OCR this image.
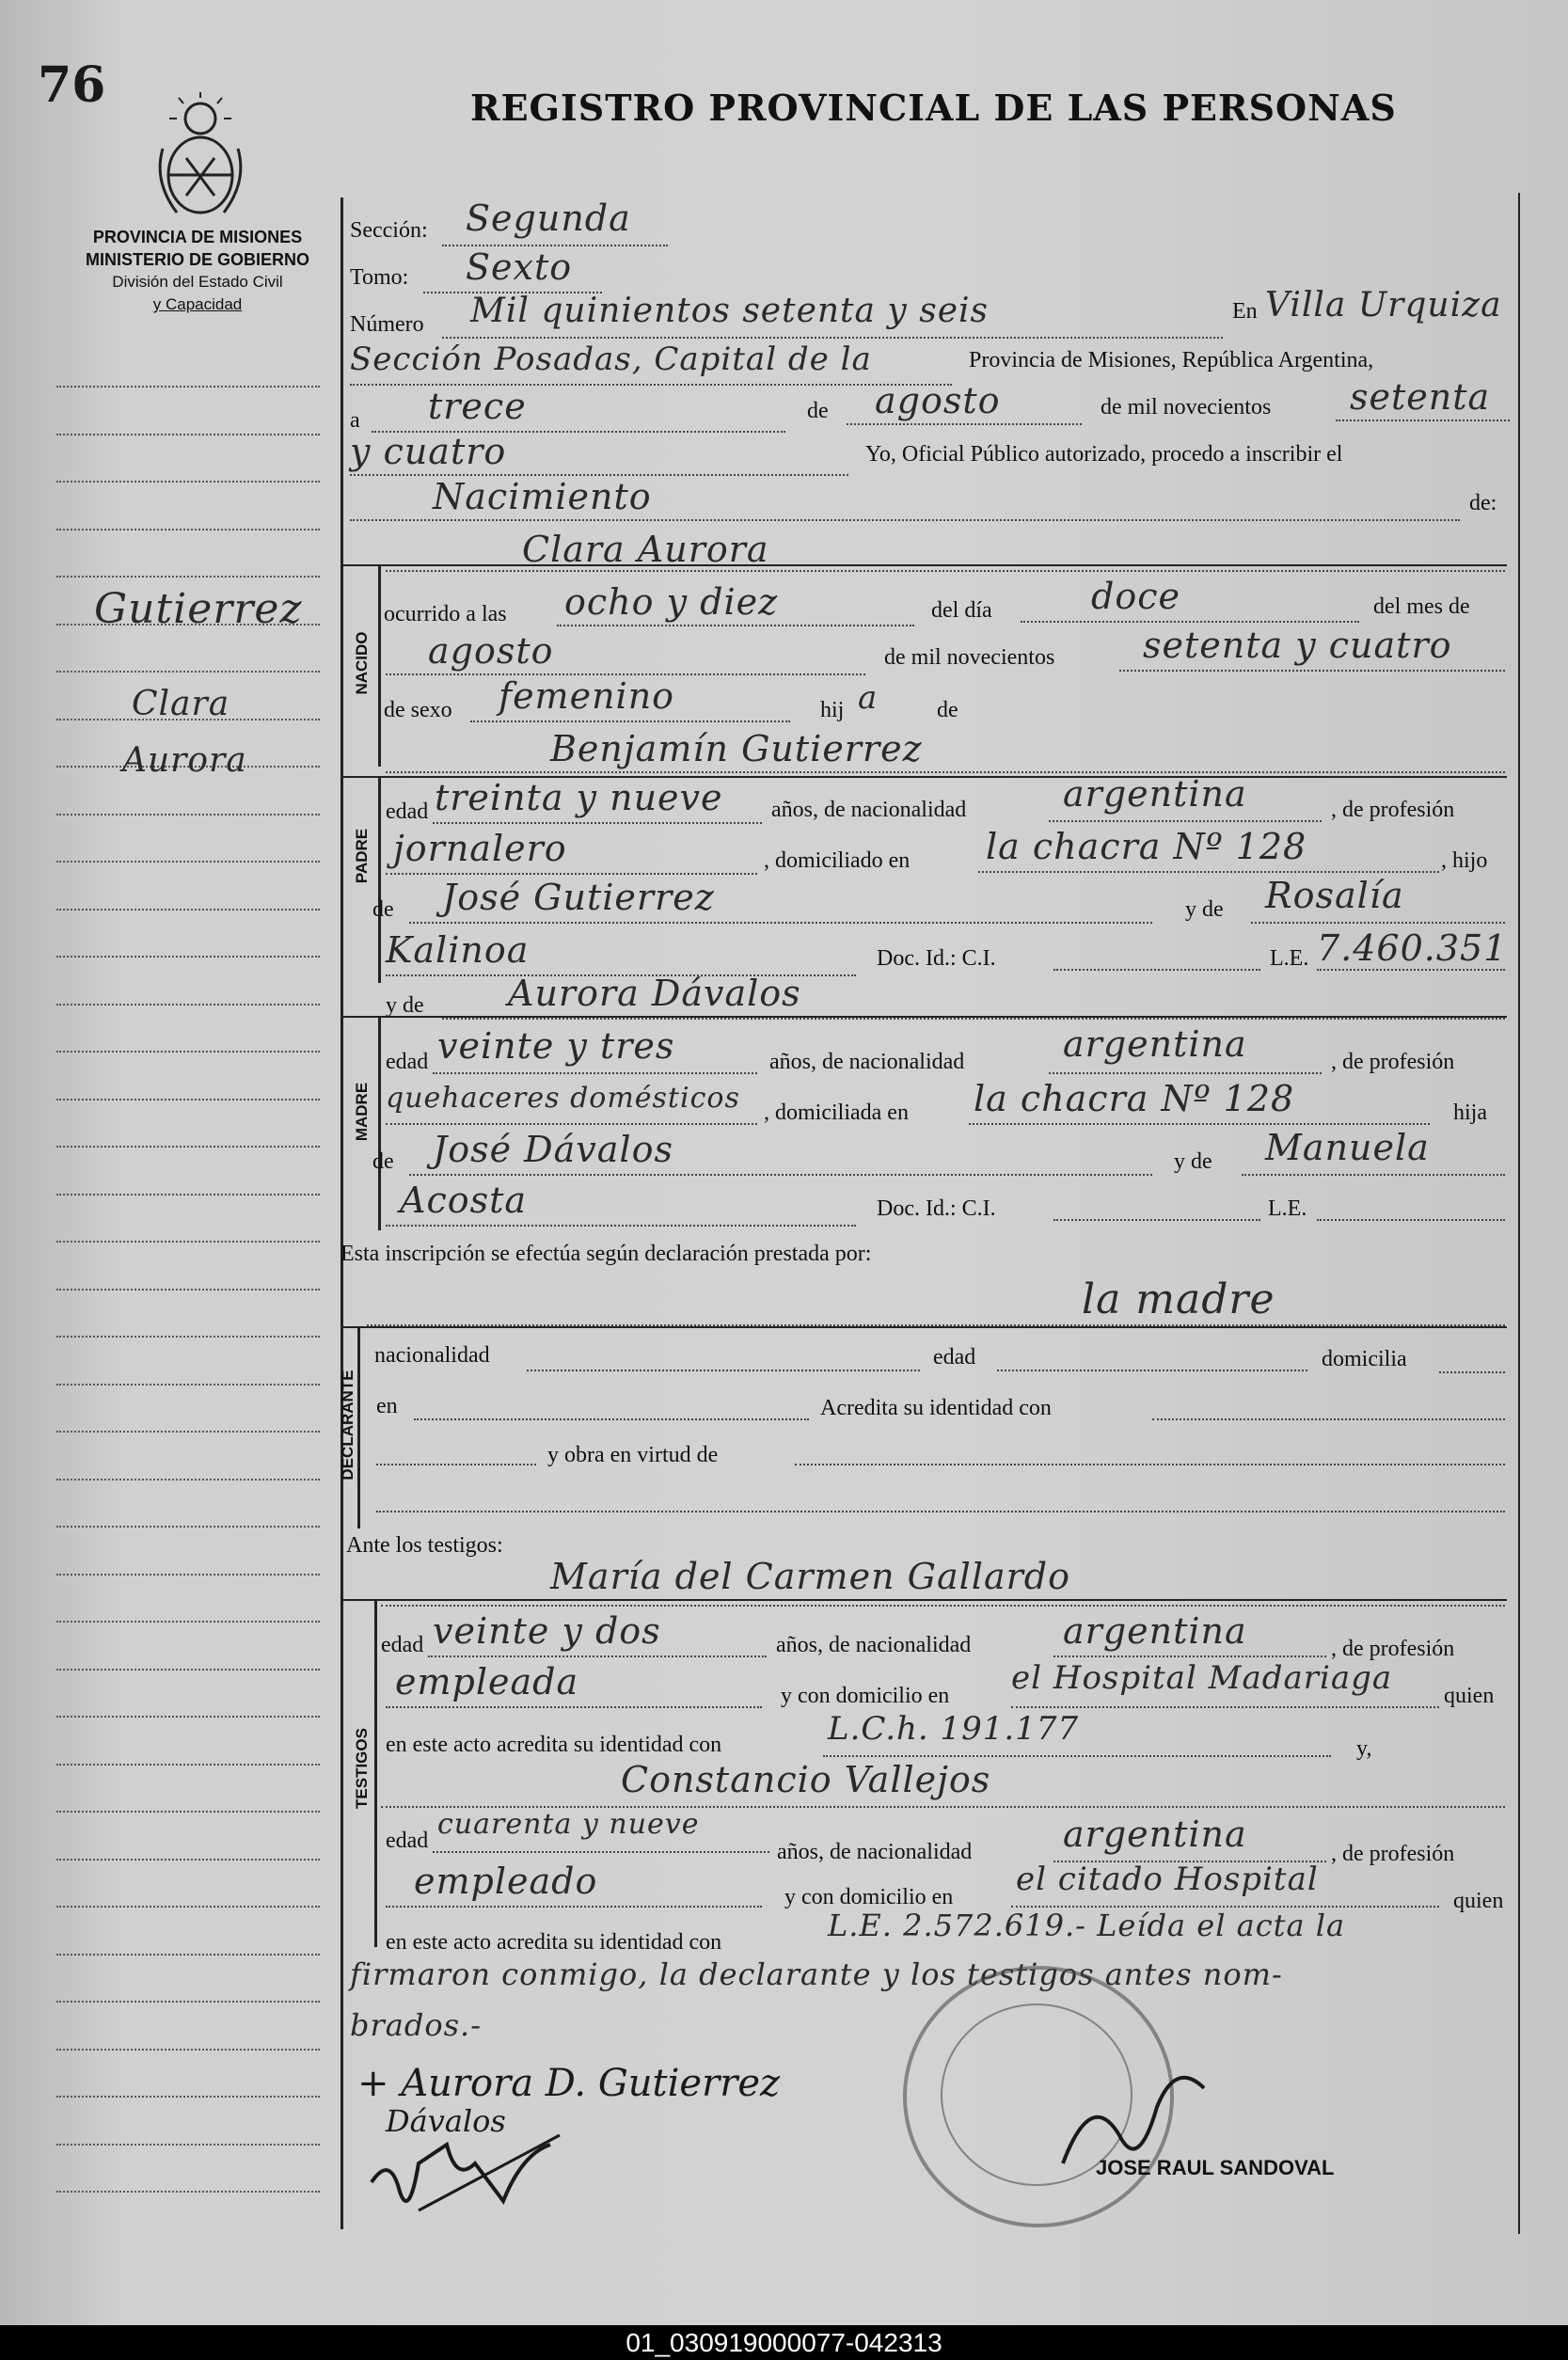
76	REGISTRO PROVINCIAL DE LAS PERSONAS
PROVINCIA DE MISIONES
MINISTERIO DE GOBIERNO
División del Estado Civil
y Capacidad
Gutierrez
Clara
Aurora
NACIDO
PADRE
MADRE
DECLARANTE
TESTIGOS
Sección: Segunda
Tomo: Sexto
Número Mil quinientos setenta y seis	En Villa Urquiza
Sección Posadas, Capital de la	Provincia de Misiones, República Argentina,
a trece	de agosto	de mil novecientos setenta
y cuatro	Yo, Oficial Público autorizado, procedo a inscribir el
Nacimiento	de:
Clara Aurora
ocurrido a las ocho y diez	del día	doce	del mes de
agosto	de mil novecientos setenta y cuatro
de sexo femenino	hij a	de
Benjamín Gutierrez
edad treinta y nueve años, de nacionalidad	argentina	, de profesión
jornalero	, domiciliado en la chacra Nº 128	, hijo
de José Gutierrez	y de Rosalía
Kalinoa	Doc. Id.: C.I.	L.E. 7.460.351
y de Aurora Dávalos
edad veinte y tres	años, de nacionalidad	argentina	, de profesión
quehaceres domésticos , domiciliada en la chacra Nº 128	hija
de José Dávalos	y de Manuela
Acosta	Doc. Id.: C.I.	L.E.
Esta inscripción se efectúa según declaración prestada por:
la madre
nacionalidad	edad	domicilia
en	Acredita su identidad con
y obra en virtud de
Ante los testigos:
María del Carmen Gallardo
edad veinte y dos	años, de nacionalidad	argentina	, de profesión
empleada	y con domicilio en el Hospital Madariaga quien
en este acto acredita su identidad con	L.C.h. 191.177
y,
Constancio Vallejos
edad cuarenta y nueve
años, de nacionalidad	argentina	, de profesión
empleado	y con domicilio en el citado Hospital
quien
en este acto acredita su identidad con	L.E. 2.572.619.- Leída el acta la
firmaron conmigo, la declarante y los testigos antes nom-
brados.-
+ Aurora D. Gutierrez
Dávalos
JOSE RAUL SANDOVAL
01_030919000077-042313
